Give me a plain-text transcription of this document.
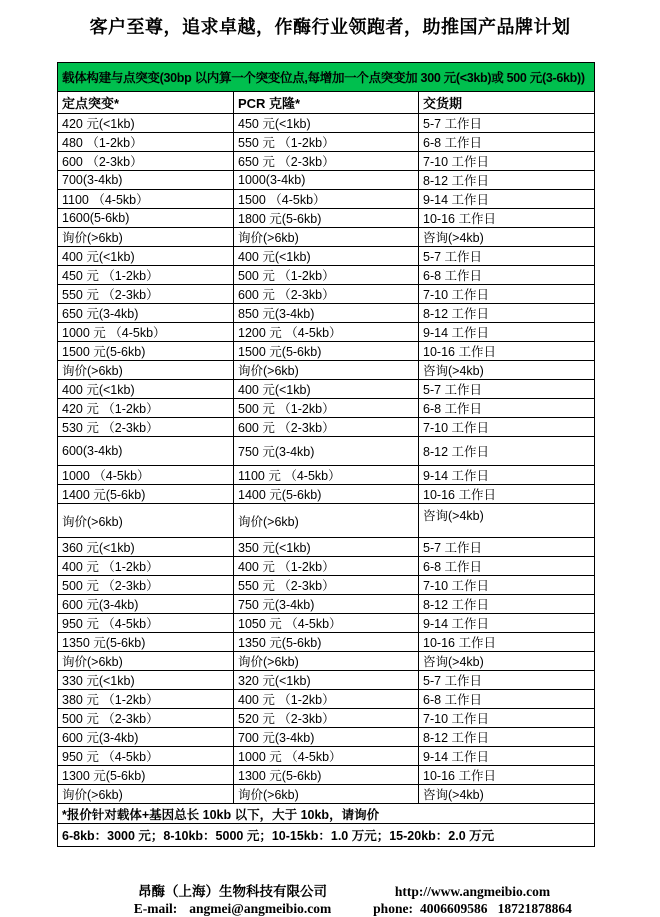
客户至尊，追求卓越，作酶行业领跑者，助推国产品牌计划
载体构建与点突变(30bp 以内算一个突变位点,每增加一个点突变加 300 元(<3kb)或 500 元(3-6kb))		
定点突变*	PCR 克隆*	交货期
420 元(<1kb)	450 元(<1kb)	5-7 工作日
480 （1-2kb）	550 元 （1-2kb）	6-8 工作日
600 （2-3kb）	650 元 （2-3kb）	7-10 工作日
700(3-4kb)	1000(3-4kb)	8-12 工作日
1100 （4-5kb）	1500 （4-5kb）	9-14 工作日
1600(5-6kb)	1800 元(5-6kb)	10-16 工作日
询价(>6kb)	询价(>6kb)	咨询(>4kb)
400 元(<1kb)	400 元(<1kb)	5-7 工作日
450 元 （1-2kb）	500 元 （1-2kb）	6-8 工作日
550 元 （2-3kb）	600 元 （2-3kb）	7-10 工作日
650 元(3-4kb)	850 元(3-4kb)	8-12 工作日
1000 元 （4-5kb）	1200 元 （4-5kb）	9-14 工作日
1500 元(5-6kb)	1500 元(5-6kb)	10-16 工作日
询价(>6kb)	询价(>6kb)	咨询(>4kb)
400 元(<1kb)	400 元(<1kb)	5-7 工作日
420 元 （1-2kb）	500 元 （1-2kb）	6-8 工作日
530 元 （2-3kb）	600 元 （2-3kb）	7-10 工作日
600(3-4kb)	750 元(3-4kb)	8-12 工作日
1000 （4-5kb）	1100 元 （4-5kb）	9-14 工作日
1400 元(5-6kb)	1400 元(5-6kb)	10-16 工作日
询价(>6kb)	询价(>6kb)	咨询(>4kb)
360 元(<1kb)	350 元(<1kb)	5-7 工作日
400 元 （1-2kb）	400 元 （1-2kb）	6-8 工作日
500 元 （2-3kb）	550 元 （2-3kb）	7-10 工作日
600 元(3-4kb)	750 元(3-4kb)	8-12 工作日
950 元 （4-5kb）	1050 元 （4-5kb）	9-14 工作日
1350 元(5-6kb)	1350 元(5-6kb)	10-16 工作日
询价(>6kb)	询价(>6kb)	咨询(>4kb)
330 元(<1kb)	320 元(<1kb)	5-7 工作日
380 元 （1-2kb）	400 元 （1-2kb）	6-8 工作日
500 元 （2-3kb）	520 元 （2-3kb）	7-10 工作日
600 元(3-4kb)	700 元(3-4kb)	8-12 工作日
950 元 （4-5kb）	1000 元 （4-5kb）	9-14 工作日
1300 元(5-6kb)	1300 元(5-6kb)	10-16 工作日
询价(>6kb)	询价(>6kb)	咨询(>4kb)
*报价针对载体+基因总长 10kb 以下，大于 10kb，请询价		
6-8kb：3000 元；8-10kb：5000 元；10-15kb：1.0 万元；15-20kb：2.0 万元		
昂酶（上海）生物科技有限公司
E-mail: angmei@angmeibio.com
http://www.angmeibio.com
phone: 4006609586   18721878864
